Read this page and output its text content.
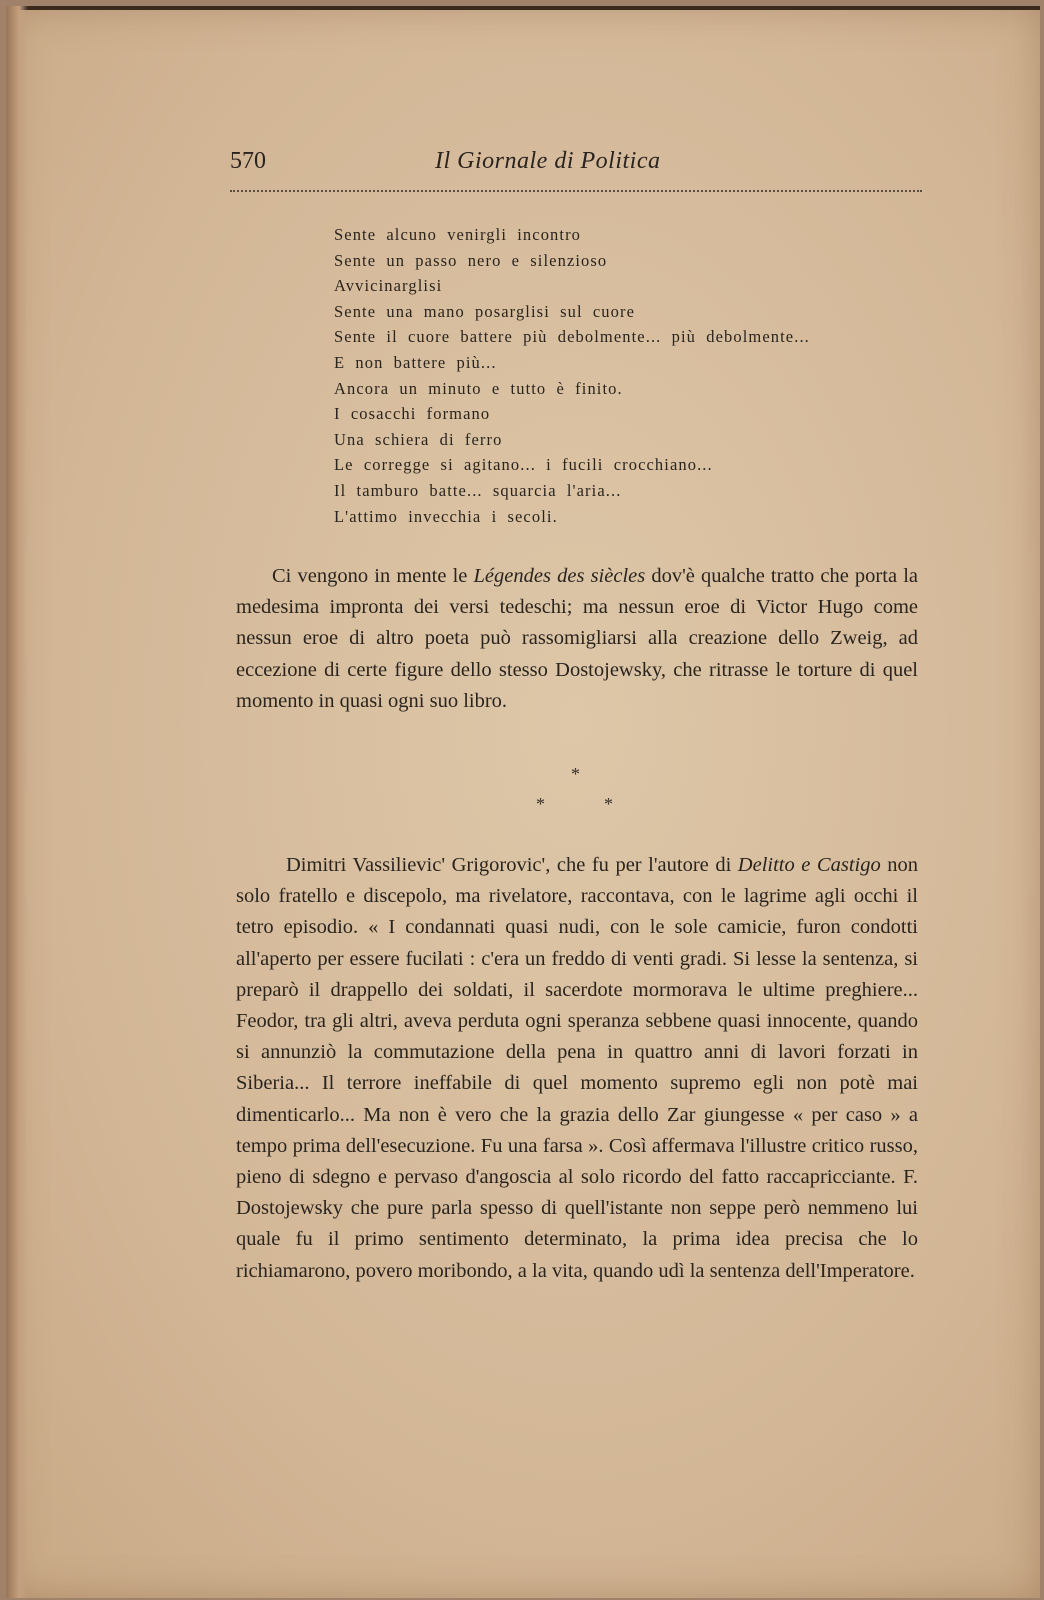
570	Il Giornale di Politica
Sente alcuno venirgli incontro
Sente un passo nero e silenzioso
Avvicinarglisi
Sente una mano posarglisi sul cuore
Sente il cuore battere più debolmente... più debolmente...
E non battere più...
Ancora un minuto e tutto è finito.
I cosacchi formano
Una schiera di ferro
Le corregge si agitano... i fucili crocchiano...
Il tamburo batte... squarcia l'aria...
L'attimo invecchia i secoli.
Ci vengono in mente le Légendes des siècles dov'è qualche tratto che porta la medesima impronta dei versi tedeschi; ma nessun eroe di Victor Hugo come nessun eroe di altro poeta può rassomigliarsi alla creazione dello Zweig, ad eccezione di certe figure dello stesso Dostojewsky, che ritrasse le torture di quel momento in quasi ogni suo libro.
*
*	*
Dimitri Vassilievic' Grigorovic', che fu per l'autore di Delitto e Castigo non solo fratello e discepolo, ma rivelatore, raccontava, con le lagrime agli occhi il tetro episodio. « I condannati quasi nudi, con le sole camicie, furon condotti all'aperto per essere fucilati : c'era un freddo di venti gradi. Si lesse la sentenza, si preparò il drappello dei soldati, il sacerdote mormorava le ultime preghiere... Feodor, tra gli altri, aveva perduta ogni speranza sebbene quasi innocente, quando si annunziò la commutazione della pena in quattro anni di lavori forzati in Siberia... Il terrore ineffabile di quel momento supremo egli non potè mai dimenticarlo... Ma non è vero che la grazia dello Zar giungesse « per caso » a tempo prima dell'esecuzione. Fu una farsa ». Così affermava l'illustre critico russo, pieno di sdegno e pervaso d'angoscia al solo ricordo del fatto raccapricciante. F. Dostojewsky che pure parla spesso di quell'istante non seppe però nemmeno lui quale fu il primo sentimento determinato, la prima idea precisa che lo richiamarono, povero moribondo, a la vita, quando udì la sentenza dell'Imperatore.
